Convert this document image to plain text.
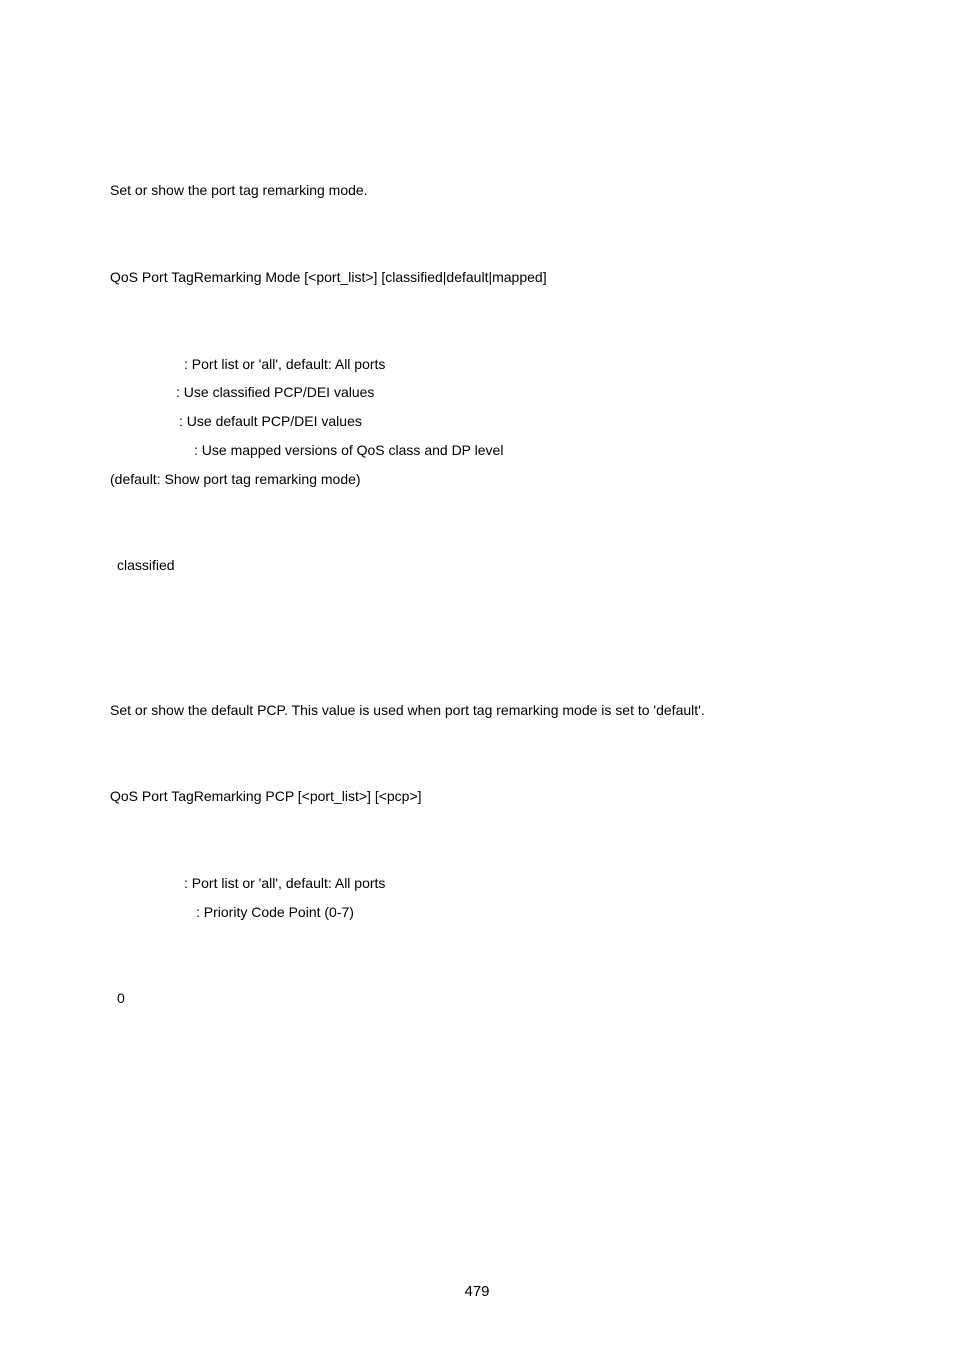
Set or show the port tag remarking mode.
QoS Port TagRemarking Mode [<port_list>] [classified|default|mapped]
: Port list or 'all', default: All ports
: Use classified PCP/DEI values
: Use default PCP/DEI values
: Use mapped versions of QoS class and DP level
(default: Show port tag remarking mode)
classified
Set or show the default PCP. This value is used when port tag remarking mode is set to 'default'.
QoS Port TagRemarking PCP [<port_list>] [<pcp>]
: Port list or 'all', default: All ports
: Priority Code Point (0-7)
0
479
